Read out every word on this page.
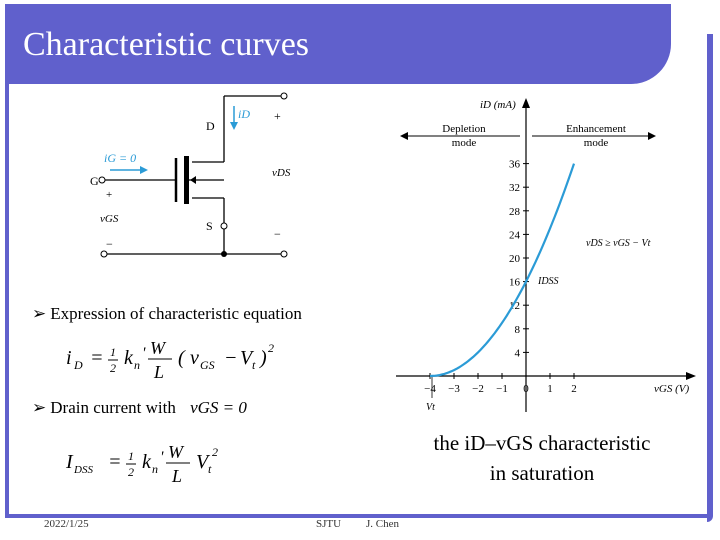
Characteristic curves
85
iD
D
+
G
iG = 0
+
vGS
−
S
vDS
−
iD (mA)
vGS (V)
Depletion
mode
Enhancement
mode
vDS ≥ vGS − Vt
IDSS
Vt
4
8
12
16
20
24
28
32
36
−4 −3 −2 −1 0 1 2
➢ Expression of characteristic equation
i D = 1
2 k n
' W
L
( v GS − V t ) 2
➢ Drain current with vGS = 0
I DSS = 1
2 k n
' W
L
V t
2	the iD–vGS characteristic
in saturation
2022/1/25	SJTU J. Chen
